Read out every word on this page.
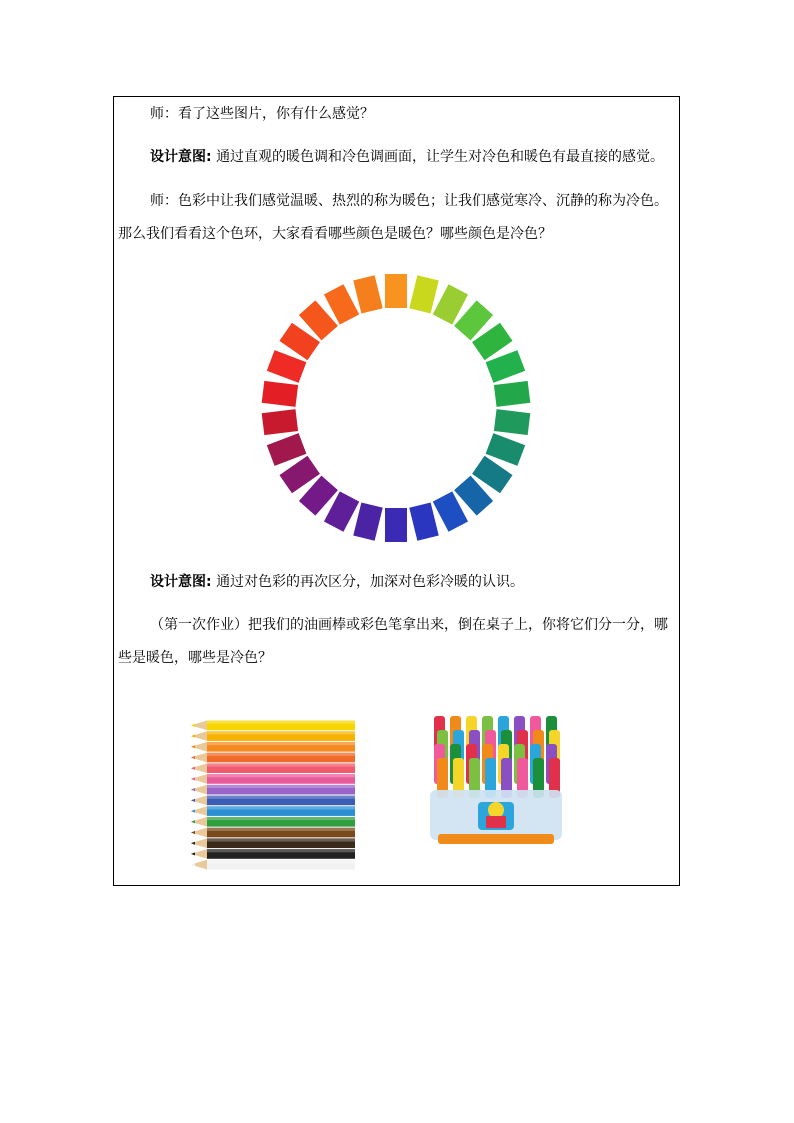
师：看了这些图片，你有什么感觉？

设计意图: 通过直观的暖色调和冷色调画面，让学生对冷色和暖色有最直接的感觉。

师：色彩中让我们感觉温暖、热烈的称为暖色；让我们感觉寒冷、沉静的称为冷色。那么我们看看这个色环，大家看看哪些颜色是暖色？哪些颜色是冷色？

设计意图: 通过对色彩的再次区分，加深对色彩冷暖的认识。

（第一次作业）把我们的油画棒或彩色笔拿出来，倒在桌子上，你将它们分一分，哪些是暖色，哪些是冷色？
